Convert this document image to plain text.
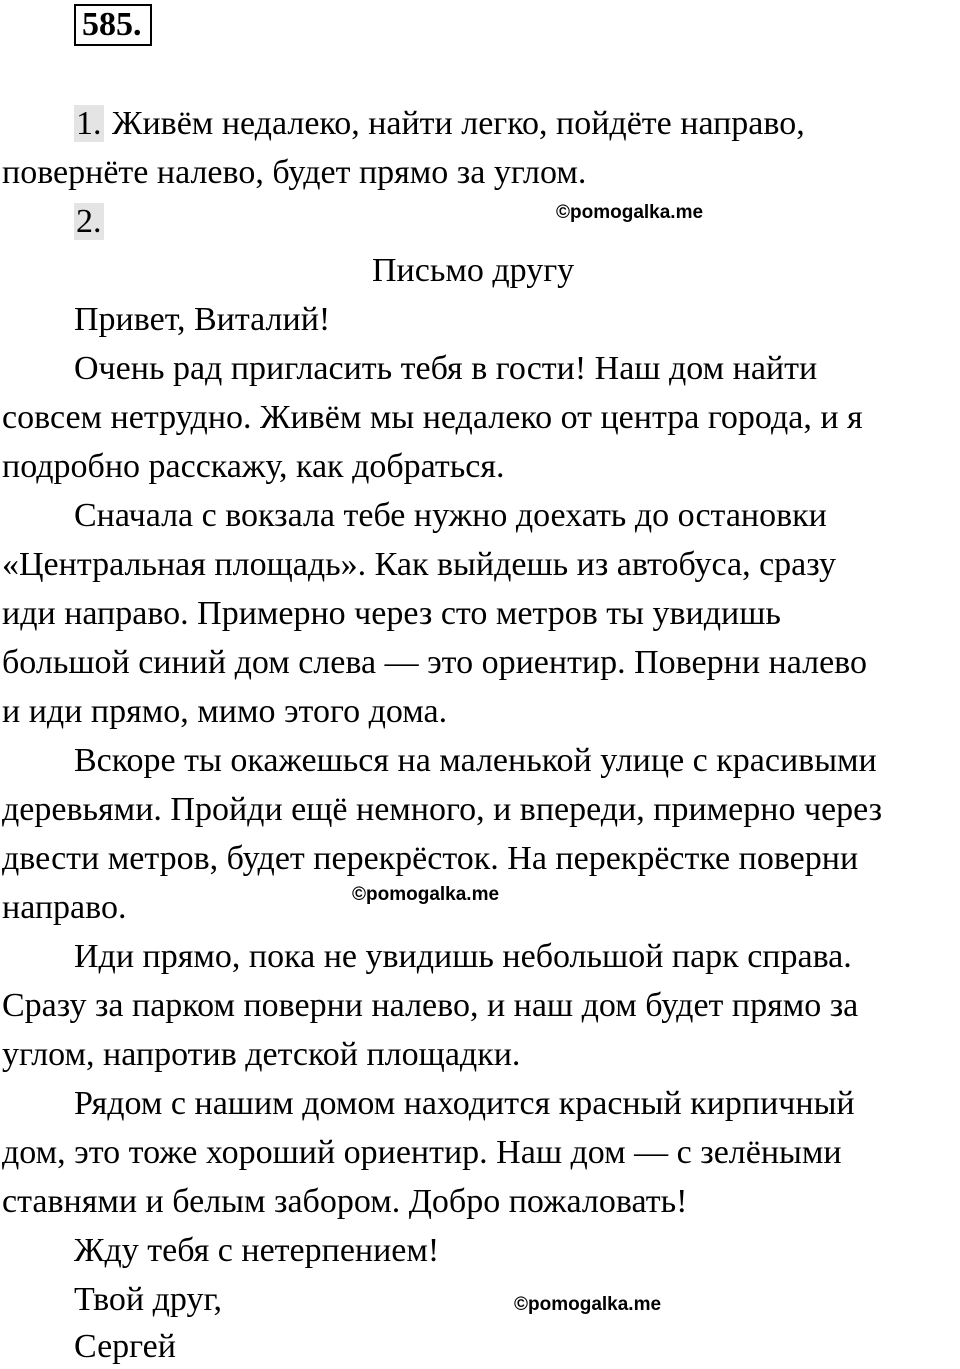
585.

1. Живём недалеко, найти легко, пойдёте направо,

повернёте налево, будет прямо за углом.

2.	©pomogalka.me

Письмо другу

Привет, Виталий!

Очень рад пригласить тебя в гости! Наш дом найти

совсем нетрудно. Живём мы недалеко от центра города, и я

подробно расскажу, как добраться.

Сначала с вокзала тебе нужно доехать до остановки

«Центральная площадь». Как выйдешь из автобуса, сразу

иди направо. Примерно через сто метров ты увидишь

большой синий дом слева — это ориентир. Поверни налево

и иди прямо, мимо этого дома.

Вскоре ты окажешься на маленькой улице с красивыми

деревьями. Пройди ещё немного, и впереди, примерно через

двести метров, будет перекрёсток. На перекрёстке поверни

©pomogalka.me

направо.

Иди прямо, пока не увидишь небольшой парк справа.

Сразу за парком поверни налево, и наш дом будет прямо за

углом, напротив детской площадки.

Рядом с нашим домом находится красный кирпичный

дом, это тоже хороший ориентир. Наш дом — с зелёными

ставнями и белым забором. Добро пожаловать!

Жду тебя с нетерпением!

Твой друг,	©pomogalka.me

Сергей
